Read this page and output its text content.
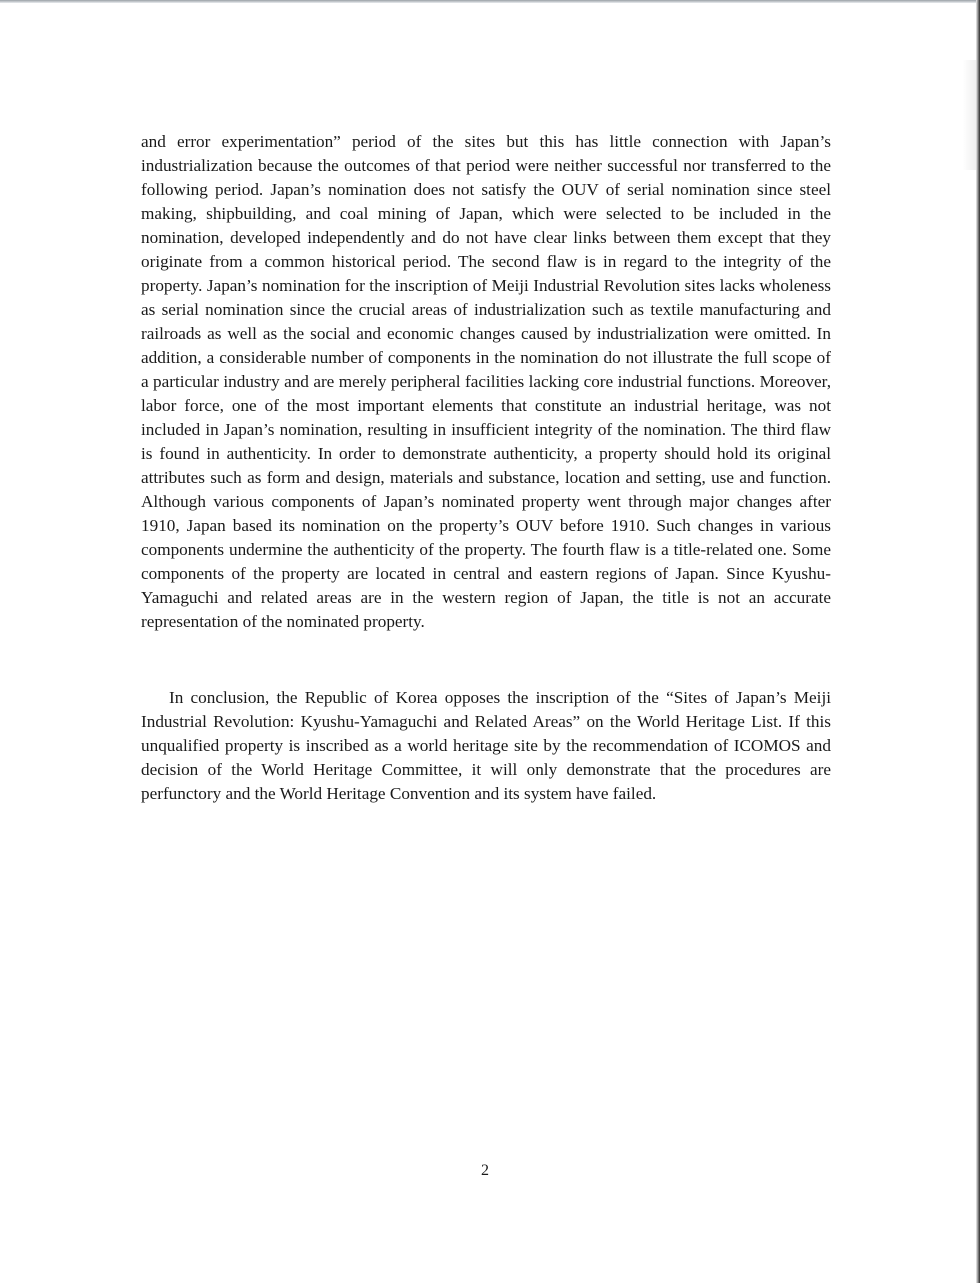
and error experimentation” period of the sites but this has little connection with Japan’s industrialization because the outcomes of that period were neither successful nor transferred to the following period. Japan’s nomination does not satisfy the OUV of serial nomination since steel making, shipbuilding, and coal mining of Japan, which were selected to be included in the nomination, developed independently and do not have clear links between them except that they originate from a common historical period. The second flaw is in regard to the integrity of the property. Japan’s nomination for the inscription of Meiji Industrial Revolution sites lacks wholeness as serial nomination since the crucial areas of industrialization such as textile manufacturing and railroads as well as the social and economic changes caused by industrialization were omitted. In addition, a considerable number of components in the nomination do not illustrate the full scope of a particular industry and are merely peripheral facilities lacking core industrial functions. Moreover, labor force, one of the most important elements that constitute an industrial heritage, was not included in Japan’s nomination, resulting in insufficient integrity of the nomination. The third flaw is found in authenticity. In order to demonstrate authenticity, a property should hold its original attributes such as form and design, materials and substance, location and setting, use and function. Although various components of Japan’s nominated property went through major changes after 1910, Japan based its nomination on the property’s OUV before 1910. Such changes in various components undermine the authenticity of the property. The fourth flaw is a title-related one. Some components of the property are located in central and eastern regions of Japan. Since Kyushu-Yamaguchi and related areas are in the western region of Japan, the title is not an accurate representation of the nominated property.

In conclusion, the Republic of Korea opposes the inscription of the “Sites of Japan’s Meiji Industrial Revolution: Kyushu-Yamaguchi and Related Areas” on the World Heritage List. If this unqualified property is inscribed as a world heritage site by the recommendation of ICOMOS and decision of the World Heritage Committee, it will only demonstrate that the procedures are perfunctory and the World Heritage Convention and its system have failed.

2
